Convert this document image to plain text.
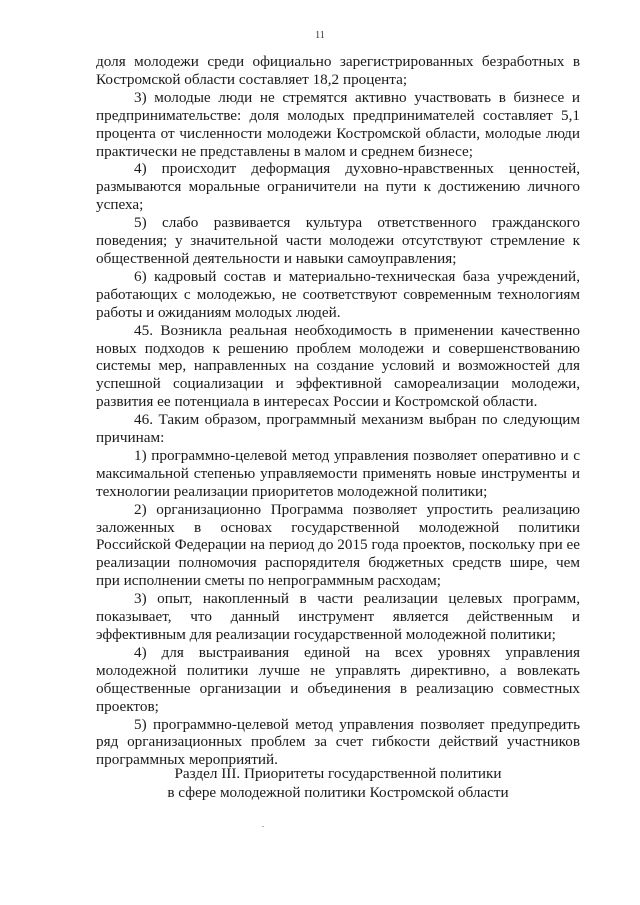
11

доля молодежи среди официально зарегистрированных безработных в Костромской области составляет 18,2 процента;

3) молодые люди не стремятся активно участвовать в бизнесе и предпринимательстве: доля молодых предпринимателей составляет 5,1 процента от численности молодежи Костромской области, молодые люди практически не представлены в малом и среднем бизнесе;

4) происходит деформация духовно-нравственных ценностей, размываются моральные ограничители на пути к достижению личного успеха;

5) слабо развивается культура ответственного гражданского поведения; у значительной части молодежи отсутствуют стремление к общественной деятельности и навыки самоуправления;

6) кадровый состав и материально-техническая база учреждений, работающих с молодежью, не соответствуют современным технологиям работы и ожиданиям молодых людей.

45. Возникла реальная необходимость в применении качественно новых подходов к решению проблем молодежи и совершенствованию системы мер, направленных на создание условий и возможностей для успешной социализации и эффективной самореализации молодежи, развития ее потенциала в интересах России и Костромской области.

46. Таким образом, программный механизм выбран по следующим причинам:

1) программно-целевой метод управления позволяет оперативно и с максимальной степенью управляемости применять новые инструменты и технологии реализации приоритетов молодежной политики;

2) организационно Программа позволяет упростить реализацию заложенных в основах государственной молодежной политики Российской Федерации на период до 2015 года проектов, поскольку при ее реализации полномочия распорядителя бюджетных средств шире, чем при исполнении сметы по непрограммным расходам;

3) опыт, накопленный в части реализации целевых программ, показывает, что данный инструмент является действенным и эффективным для реализации государственной молодежной политики;

4) для выстраивания единой на всех уровнях управления молодежной политики лучше не управлять директивно, а вовлекать общественные организации и объединения в реализацию совместных проектов;

5) программно-целевой метод управления позволяет предупредить ряд организационных проблем за счет гибкости действий участников программных мероприятий.

Раздел III. Приоритеты государственной политики
в сфере молодежной политики Костромской области
